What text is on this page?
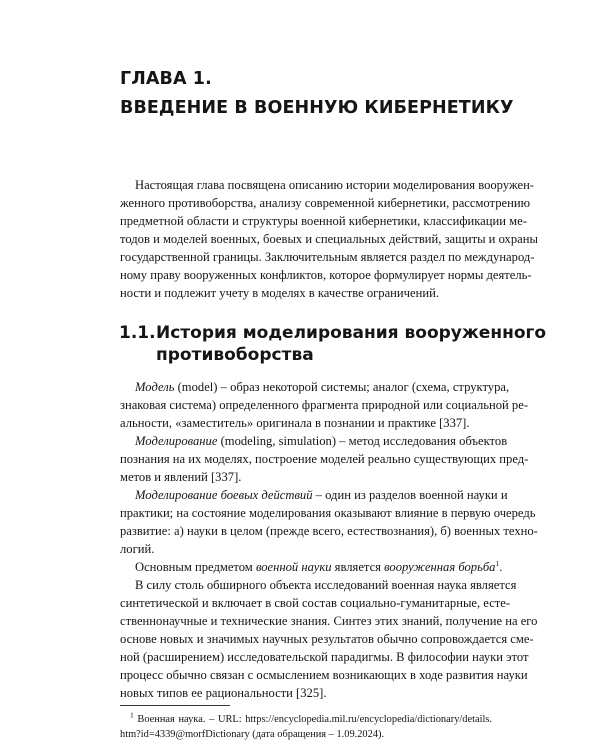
ГЛАВА 1.
ВВЕДЕНИЕ В ВОЕННУЮ КИБЕРНЕТИКУ

Настоящая глава посвящена описанию истории моделирования вооружен-

женного противоборства, анализу современной кибернетики, рассмотрению

предметной области и структуры военной кибернетики, классификации ме-

тодов и моделей военных, боевых и специальных действий, защиты и охраны

государственной границы. Заключительным является раздел по международ-

ному праву вооруженных конфликтов, которое формулирует нормы деятель-

ности и подлежит учету в моделях в качестве ограничений.

1.1. История моделирования вооруженного
противоборства

Модель (model) – образ некоторой системы; аналог (схема, структура,

знаковая система) определенного фрагмента природной или социальной ре-

альности, «заместитель» оригинала в познании и практике [337].

Моделирование (modeling, simulation) – метод исследования объектов

познания на их моделях, построение моделей реально существующих пред-

метов и явлений [337].

Моделирование боевых действий – один из разделов военной науки и

практики; на состояние моделирования оказывают влияние в первую очередь

развитие: а) науки в целом (прежде всего, естествознания), б) военных техно-

логий.

Основным предметом военной науки является вооруженная борьба$^1$.

В силу столь обширного объекта исследований военная наука является

синтетической и включает в свой состав социально-гуманитарные, есте-

ственнонаучные и технические знания. Синтез этих знаний, получение на его

основе новых и значимых научных результатов обычно сопровождается сме-

ной (расширением) исследовательской парадигмы. В философии науки этот

процесс обычно связан с осмыслением возникающих в ходе развития науки

новых типов ее рациональности [325].

$^1$ Военная наука. – URL: https://encyclopedia.mil.ru/encyclopedia/dictionary/details.

htm?id=4339@morfDictionary (дата обращения – 1.09.2024).
